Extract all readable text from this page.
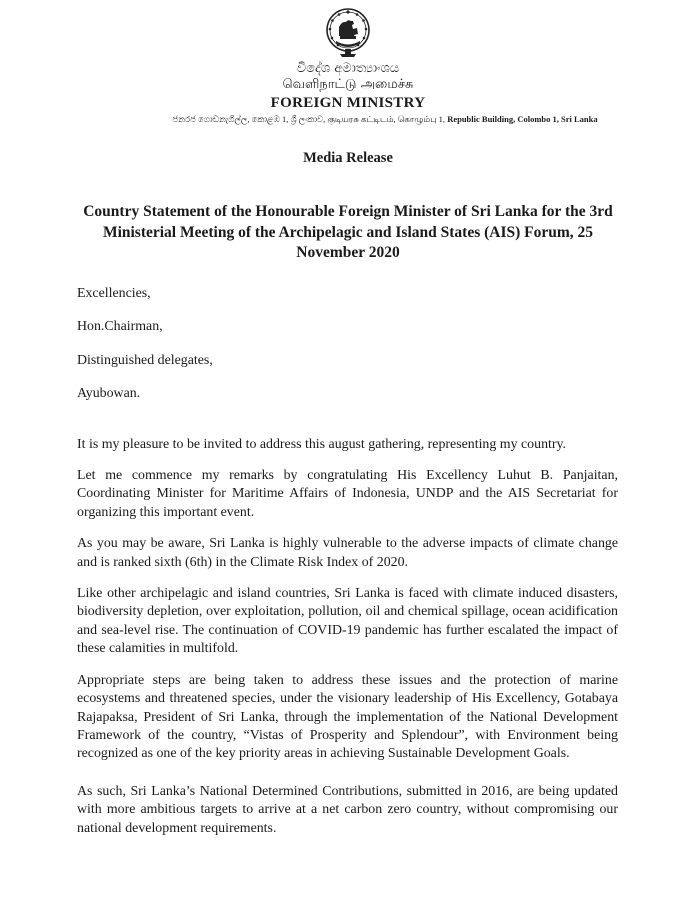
විදේශ අමාත්‍යාංශය
வெளிநாட்டு அமைச்சு
FOREIGN MINISTRY
ජනරජ ගොඩනැගිල්ල, කොළඹ 1, ශ්‍රී ලංකාව, குடியரசு கட்டிடம், கொழும்பு 1, Republic Building, Colombo 1, Sri Lanka
Media Release
Country Statement of the Honourable Foreign Minister of Sri Lanka for the 3rd Ministerial Meeting of the Archipelagic and Island States (AIS) Forum, 25 November 2020

Excellencies,

Hon.Chairman,

Distinguished delegates,

Ayubowan.

It is my pleasure to be invited to address this august gathering, representing my country.

Let me commence my remarks by congratulating His Excellency Luhut B. Panjaitan, Coordinating Minister for Maritime Affairs of Indonesia, UNDP and the AIS Secretariat for organizing this important event.

As you may be aware, Sri Lanka is highly vulnerable to the adverse impacts of climate change and is ranked sixth (6th) in the Climate Risk Index of 2020.

Like other archipelagic and island countries, Sri Lanka is faced with climate induced disasters, biodiversity depletion, over exploitation, pollution, oil and chemical spillage, ocean acidification and sea-level rise. The continuation of COVID-19 pandemic has further escalated the impact of these calamities in multifold.

Appropriate steps are being taken to address these issues and the protection of marine ecosystems and threatened species, under the visionary leadership of His Excellency, Gotabaya Rajapaksa, President of Sri Lanka, through the implementation of the National Development Framework of the country, “Vistas of Prosperity and Splendour”, with Environment being recognized as one of the key priority areas in achieving Sustainable Development Goals.

As such, Sri Lanka’s National Determined Contributions, submitted in 2016, are being updated with more ambitious targets to arrive at a net carbon zero country, without compromising our national development requirements.
